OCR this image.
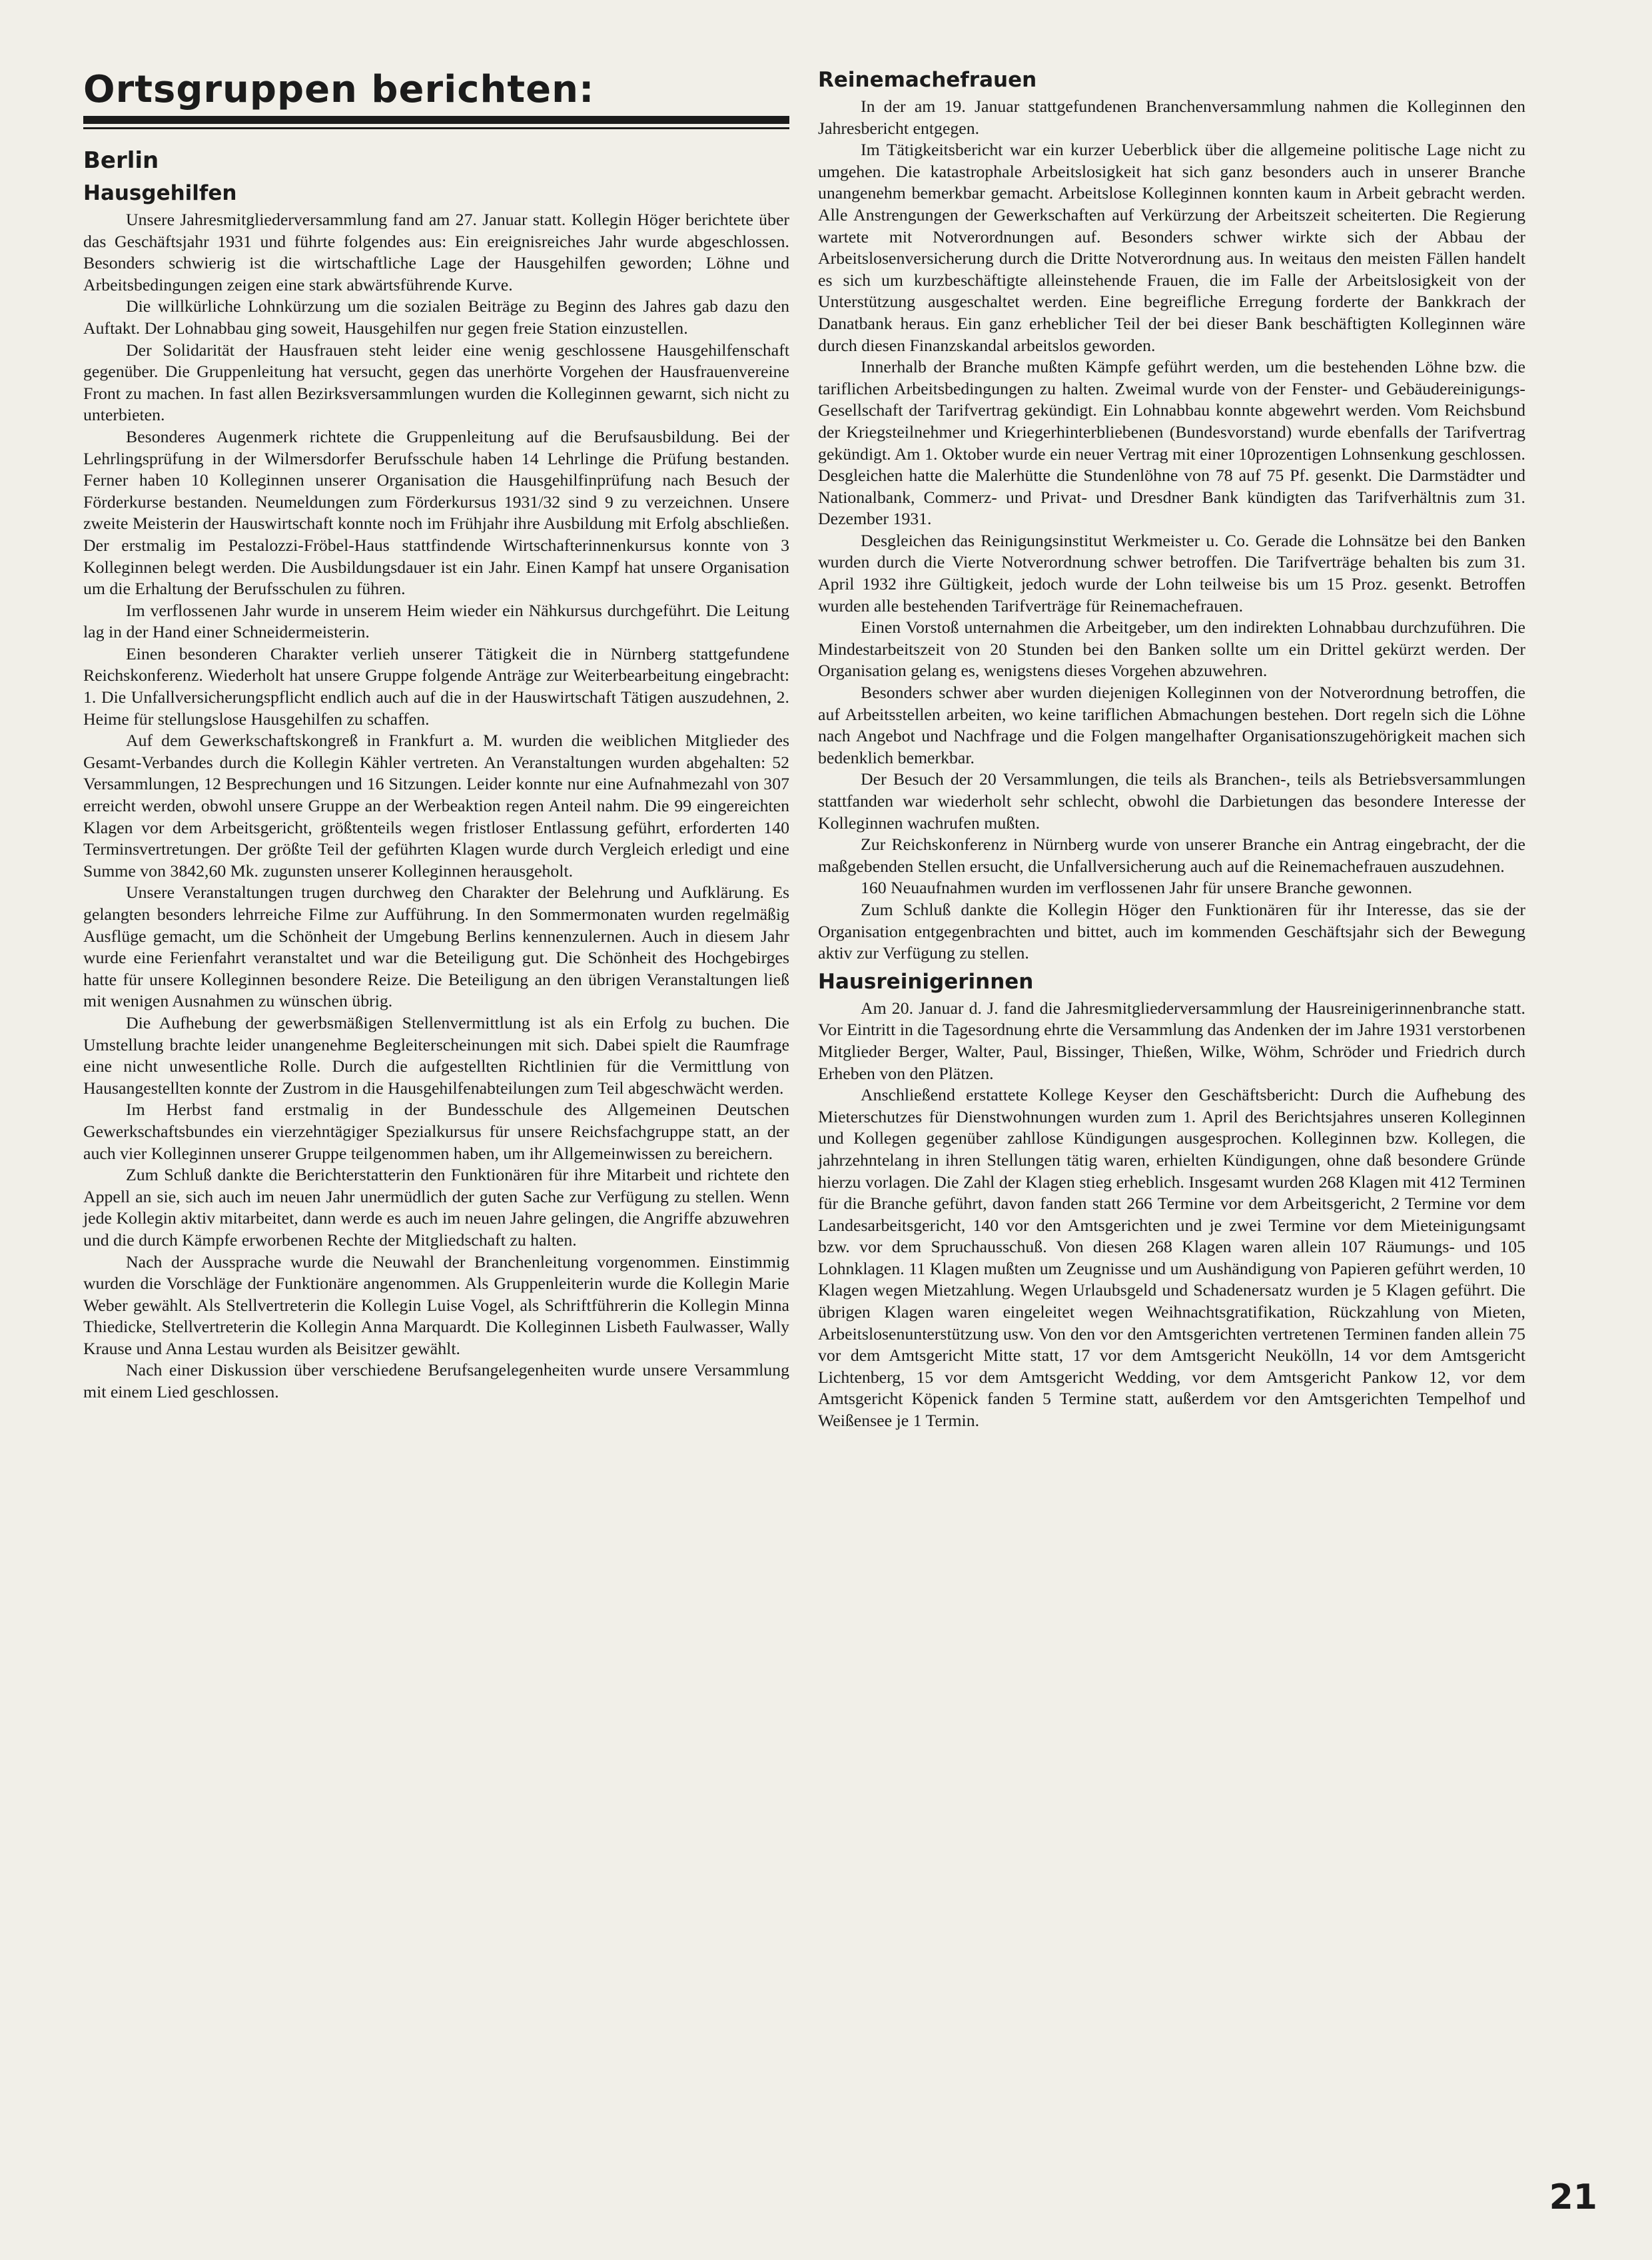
Ortsgruppen berichten:
Berlin
Hausgehilfen

Unsere Jahresmitgliederversammlung fand am 27. Januar statt. Kollegin Höger berichtete über das Geschäftsjahr 1931 und führte folgendes aus: Ein ereignisreiches Jahr wurde abgeschlossen. Besonders schwierig ist die wirtschaftliche Lage der Hausgehilfen geworden; Löhne und Arbeitsbedingungen zeigen eine stark abwärtsführende Kurve.

Die willkürliche Lohnkürzung um die sozialen Beiträge zu Beginn des Jahres gab dazu den Auftakt. Der Lohnabbau ging soweit, Hausgehilfen nur gegen freie Station einzustellen.

Der Solidarität der Hausfrauen steht leider eine wenig geschlossene Hausgehilfenschaft gegenüber. Die Gruppenleitung hat versucht, gegen das unerhörte Vorgehen der Hausfrauenvereine Front zu machen. In fast allen Bezirksversammlungen wurden die Kolleginnen gewarnt, sich nicht zu unterbieten.

Besonderes Augenmerk richtete die Gruppenleitung auf die Berufsausbildung. Bei der Lehrlingsprüfung in der Wilmersdorfer Berufsschule haben 14 Lehrlinge die Prüfung bestanden. Ferner haben 10 Kolleginnen unserer Organisation die Hausgehilfinprüfung nach Besuch der Förderkurse bestanden. Neumeldungen zum Förderkursus 1931/32 sind 9 zu verzeichnen. Unsere zweite Meisterin der Hauswirtschaft konnte noch im Frühjahr ihre Ausbildung mit Erfolg abschließen. Der erstmalig im Pestalozzi-Fröbel-Haus stattfindende Wirtschafterinnenkursus konnte von 3 Kolleginnen belegt werden. Die Ausbildungsdauer ist ein Jahr. Einen Kampf hat unsere Organisation um die Erhaltung der Berufsschulen zu führen.

Im verflossenen Jahr wurde in unserem Heim wieder ein Nähkursus durchgeführt. Die Leitung lag in der Hand einer Schneidermeisterin.

Einen besonderen Charakter verlieh unserer Tätigkeit die in Nürnberg stattgefundene Reichskonferenz. Wiederholt hat unsere Gruppe folgende Anträge zur Weiterbearbeitung eingebracht: 1. Die Unfallversicherungspflicht endlich auch auf die in der Hauswirtschaft Tätigen auszudehnen, 2. Heime für stellungslose Hausgehilfen zu schaffen.

Auf dem Gewerkschaftskongreß in Frankfurt a. M. wurden die weiblichen Mitglieder des Gesamt-Verbandes durch die Kollegin Kähler vertreten. An Veranstaltungen wurden abgehalten: 52 Versammlungen, 12 Besprechungen und 16 Sitzungen. Leider konnte nur eine Aufnahmezahl von 307 erreicht werden, obwohl unsere Gruppe an der Werbeaktion regen Anteil nahm. Die 99 eingereichten Klagen vor dem Arbeitsgericht, größtenteils wegen fristloser Entlassung geführt, erforderten 140 Terminsvertretungen. Der größte Teil der geführten Klagen wurde durch Vergleich erledigt und eine Summe von 3842,60 Mk. zugunsten unserer Kolleginnen herausgeholt.

Unsere Veranstaltungen trugen durchweg den Charakter der Belehrung und Aufklärung. Es gelangten besonders lehrreiche Filme zur Aufführung. In den Sommermonaten wurden regelmäßig Ausflüge gemacht, um die Schönheit der Umgebung Berlins kennenzulernen. Auch in diesem Jahr wurde eine Ferienfahrt veranstaltet und war die Beteiligung gut. Die Schönheit des Hochgebirges hatte für unsere Kolleginnen besondere Reize. Die Beteiligung an den übrigen Veranstaltungen ließ mit wenigen Ausnahmen zu wünschen übrig.

Die Aufhebung der gewerbsmäßigen Stellenvermittlung ist als ein Erfolg zu buchen. Die Umstellung brachte leider unangenehme Begleiterscheinungen mit sich. Dabei spielt die Raumfrage eine nicht unwesentliche Rolle. Durch die aufgestellten Richtlinien für die Vermittlung von Hausangestellten konnte der Zustrom in die Hausgehilfenabteilungen zum Teil abgeschwächt werden.

Im Herbst fand erstmalig in der Bundesschule des Allgemeinen Deutschen Gewerkschaftsbundes ein vierzehntägiger Spezialkursus für unsere Reichsfachgruppe statt, an der auch vier Kolleginnen unserer Gruppe teilgenommen haben, um ihr Allgemeinwissen zu bereichern.

Zum Schluß dankte die Berichterstatterin den Funktionären für ihre Mitarbeit und richtete den Appell an sie, sich auch im neuen Jahr unermüdlich der guten Sache zur Verfügung zu stellen. Wenn jede Kollegin aktiv mitarbeitet, dann werde es auch im neuen Jahre gelingen, die Angriffe abzuwehren und die durch Kämpfe erworbenen Rechte der Mitgliedschaft zu halten.

Nach der Aussprache wurde die Neuwahl der Branchenleitung vorgenommen. Einstimmig wurden die Vorschläge der Funktionäre angenommen. Als Gruppenleiterin wurde die Kollegin Marie Weber gewählt. Als Stellvertreterin die Kollegin Luise Vogel, als Schriftführerin die Kollegin Minna Thiedicke, Stellvertreterin die Kollegin Anna Marquardt. Die Kolleginnen Lisbeth Faulwasser, Wally Krause und Anna Lestau wurden als Beisitzer gewählt.

Nach einer Diskussion über verschiedene Berufsangelegenheiten wurde unsere Versammlung mit einem Lied geschlossen.

Reinemachefrauen

In der am 19. Januar stattgefundenen Branchenversammlung nahmen die Kolleginnen den Jahresbericht entgegen.

Im Tätigkeitsbericht war ein kurzer Ueberblick über die allgemeine politische Lage nicht zu umgehen. Die katastrophale Arbeitslosigkeit hat sich ganz besonders auch in unserer Branche unangenehm bemerkbar gemacht. Arbeitslose Kolleginnen konnten kaum in Arbeit gebracht werden. Alle Anstrengungen der Gewerkschaften auf Verkürzung der Arbeitszeit scheiterten. Die Regierung wartete mit Notverordnungen auf. Besonders schwer wirkte sich der Abbau der Arbeitslosenversicherung durch die Dritte Notverordnung aus. In weitaus den meisten Fällen handelt es sich um kurzbeschäftigte alleinstehende Frauen, die im Falle der Arbeitslosigkeit von der Unterstützung ausgeschaltet werden. Eine begreifliche Erregung forderte der Bankkrach der Danatbank heraus. Ein ganz erheblicher Teil der bei dieser Bank beschäftigten Kolleginnen wäre durch diesen Finanzskandal arbeitslos geworden.

Innerhalb der Branche mußten Kämpfe geführt werden, um die bestehenden Löhne bzw. die tariflichen Arbeitsbedingungen zu halten. Zweimal wurde von der Fenster- und Gebäudereinigungs-Gesellschaft der Tarifvertrag gekündigt. Ein Lohnabbau konnte abgewehrt werden. Vom Reichsbund der Kriegsteilnehmer und Kriegerhinterbliebenen (Bundesvorstand) wurde ebenfalls der Tarifvertrag gekündigt. Am 1. Oktober wurde ein neuer Vertrag mit einer 10prozentigen Lohnsenkung geschlossen. Desgleichen hatte die Malerhütte die Stundenlöhne von 78 auf 75 Pf. gesenkt. Die Darmstädter und Nationalbank, Commerz- und Privat- und Dresdner Bank kündigten das Tarifverhältnis zum 31. Dezember 1931.

Desgleichen das Reinigungsinstitut Werkmeister u. Co. Gerade die Lohnsätze bei den Banken wurden durch die Vierte Notverordnung schwer betroffen. Die Tarifverträge behalten bis zum 31. April 1932 ihre Gültigkeit, jedoch wurde der Lohn teilweise bis um 15 Proz. gesenkt. Betroffen wurden alle bestehenden Tarifverträge für Reinemachefrauen.

Einen Vorstoß unternahmen die Arbeitgeber, um den indirekten Lohnabbau durchzuführen. Die Mindestarbeitszeit von 20 Stunden bei den Banken sollte um ein Drittel gekürzt werden. Der Organisation gelang es, wenigstens dieses Vorgehen abzuwehren.

Besonders schwer aber wurden diejenigen Kolleginnen von der Notverordnung betroffen, die auf Arbeitsstellen arbeiten, wo keine tariflichen Abmachungen bestehen. Dort regeln sich die Löhne nach Angebot und Nachfrage und die Folgen mangelhafter Organisationszugehörigkeit machen sich bedenklich bemerkbar.

Der Besuch der 20 Versammlungen, die teils als Branchen-, teils als Betriebsversammlungen stattfanden war wiederholt sehr schlecht, obwohl die Darbietungen das besondere Interesse der Kolleginnen wachrufen mußten.

Zur Reichskonferenz in Nürnberg wurde von unserer Branche ein Antrag eingebracht, der die maßgebenden Stellen ersucht, die Unfallversicherung auch auf die Reinemachefrauen auszudehnen.

160 Neuaufnahmen wurden im verflossenen Jahr für unsere Branche gewonnen.

Zum Schluß dankte die Kollegin Höger den Funktionären für ihr Interesse, das sie der Organisation entgegenbrachten und bittet, auch im kommenden Geschäftsjahr sich der Bewegung aktiv zur Verfügung zu stellen.

Hausreinigerinnen

Am 20. Januar d. J. fand die Jahresmitgliederversammlung der Hausreinigerinnenbranche statt. Vor Eintritt in die Tagesordnung ehrte die Versammlung das Andenken der im Jahre 1931 verstorbenen Mitglieder Berger, Walter, Paul, Bissinger, Thießen, Wilke, Wöhm, Schröder und Friedrich durch Erheben von den Plätzen.

Anschließend erstattete Kollege Keyser den Geschäftsbericht: Durch die Aufhebung des Mieterschutzes für Dienstwohnungen wurden zum 1. April des Berichtsjahres unseren Kolleginnen und Kollegen gegenüber zahllose Kündigungen ausgesprochen. Kolleginnen bzw. Kollegen, die jahrzehntelang in ihren Stellungen tätig waren, erhielten Kündigungen, ohne daß besondere Gründe hierzu vorlagen. Die Zahl der Klagen stieg erheblich. Insgesamt wurden 268 Klagen mit 412 Terminen für die Branche geführt, davon fanden statt 266 Termine vor dem Arbeitsgericht, 2 Termine vor dem Landesarbeitsgericht, 140 vor den Amtsgerichten und je zwei Termine vor dem Mieteinigungsamt bzw. vor dem Spruchausschuß. Von diesen 268 Klagen waren allein 107 Räumungs- und 105 Lohnklagen. 11 Klagen mußten um Zeugnisse und um Aushändigung von Papieren geführt werden, 10 Klagen wegen Mietzahlung. Wegen Urlaubsgeld und Schadenersatz wurden je 5 Klagen geführt. Die übrigen Klagen waren eingeleitet wegen Weihnachtsgratifikation, Rückzahlung von Mieten, Arbeitslosenunterstützung usw. Von den vor den Amtsgerichten vertretenen Terminen fanden allein 75 vor dem Amtsgericht Mitte statt, 17 vor dem Amtsgericht Neukölln, 14 vor dem Amtsgericht Lichtenberg, 15 vor dem Amtsgericht Wedding, vor dem Amtsgericht Pankow 12, vor dem Amtsgericht Köpenick fanden 5 Termine statt, außerdem vor den Amtsgerichten Tempelhof und Weißensee je 1 Termin.

21
